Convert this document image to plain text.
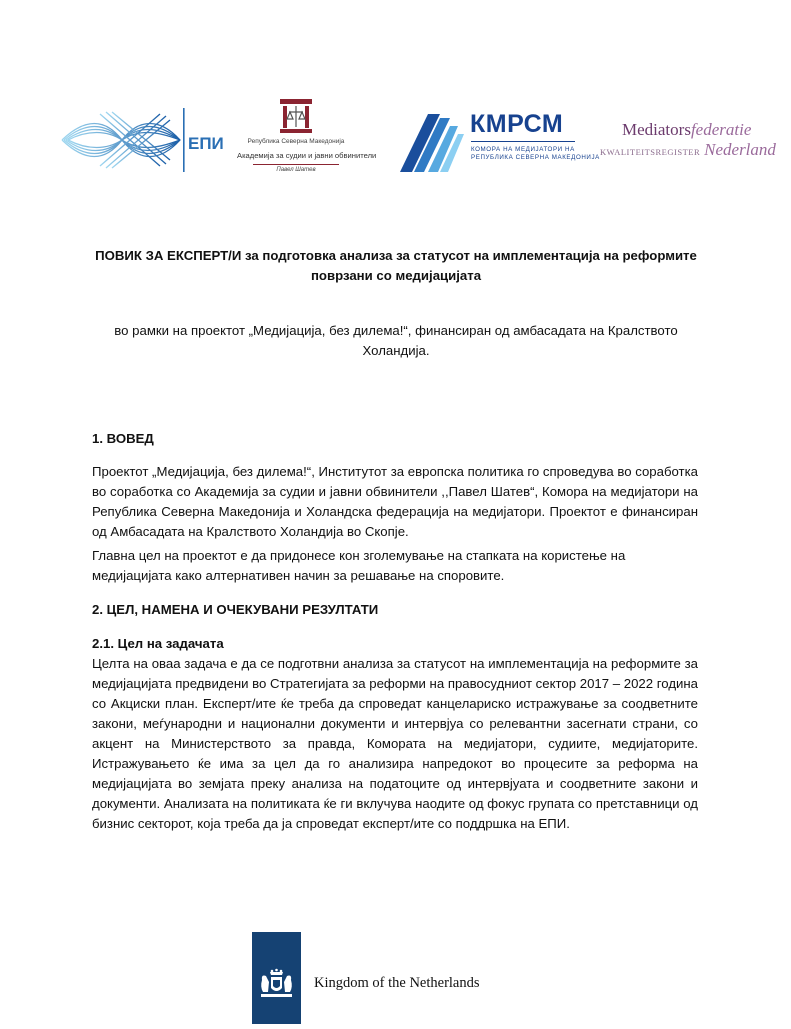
ЕПИ	Република Северна Македонија
Академија за судии и јавни обвинители
Павел Шатев
КМРСМ
КОМОРА НА МЕДИЈАТОРИ НА
РЕПУБЛИКА СЕВЕРНА МАКЕДОНИЈА
Mediatorsfederatie
KWALITEITSREGISTER Nederland
ПОВИК ЗА ЕКСПЕРТ/И за подготовка анализа за статусот на имплементација на реформите поврзани со медијацијата
во рамки на проектот „Медијација, без дилема!“, финансиран од амбасадата на Кралството Холандија.
1. ВОВЕД
Проектот „Медијација, без дилема!“, Институтот за европска политика го спроведува во соработка во соработка со Академија за судии и јавни обвинители ,,Павел Шатев“, Комора на медијатори на Република Северна Македонија и Холандска федерација на медијатори. Проектот е финансиран од Амбасадата на Кралството Холандија во Скопје.
Главна цел на проектот е да придонесе кон зголемување на стапката на користење на медијацијата како алтернативен начин за решавање на споровите.
2. ЦЕЛ, НАМЕНА И ОЧЕКУВАНИ РЕЗУЛТАТИ
2.1. Цел на задачата
Целта на оваа задача е да се подготвни анализа за статусот на имплементација на реформите за медијацијата предвидени во Стратегијата за реформи на правосудниот сектор 2017 – 2022 година со Акциски план. Експерт/ите ќе треба да спроведат канцелариско истражување за соодветните закони, меѓународни и национални документи и интервјуа со релевантни засегнати страни, со акцент на Министерството за правда, Комората на медијатори, судиите, медијаторите. Истражувањето ќе има за цел да го анализира напредокот во процесите за реформа на медијацијата во земјата преку анализа на податоците од интервјуата и соодветните закони и документи. Анализата на политиката ќе ги вклучува наодите од фокус групата со претставници од бизнис секторот, која треба да ја спроведат експерт/ите со поддршка на ЕПИ.
Kingdom of the Netherlands
